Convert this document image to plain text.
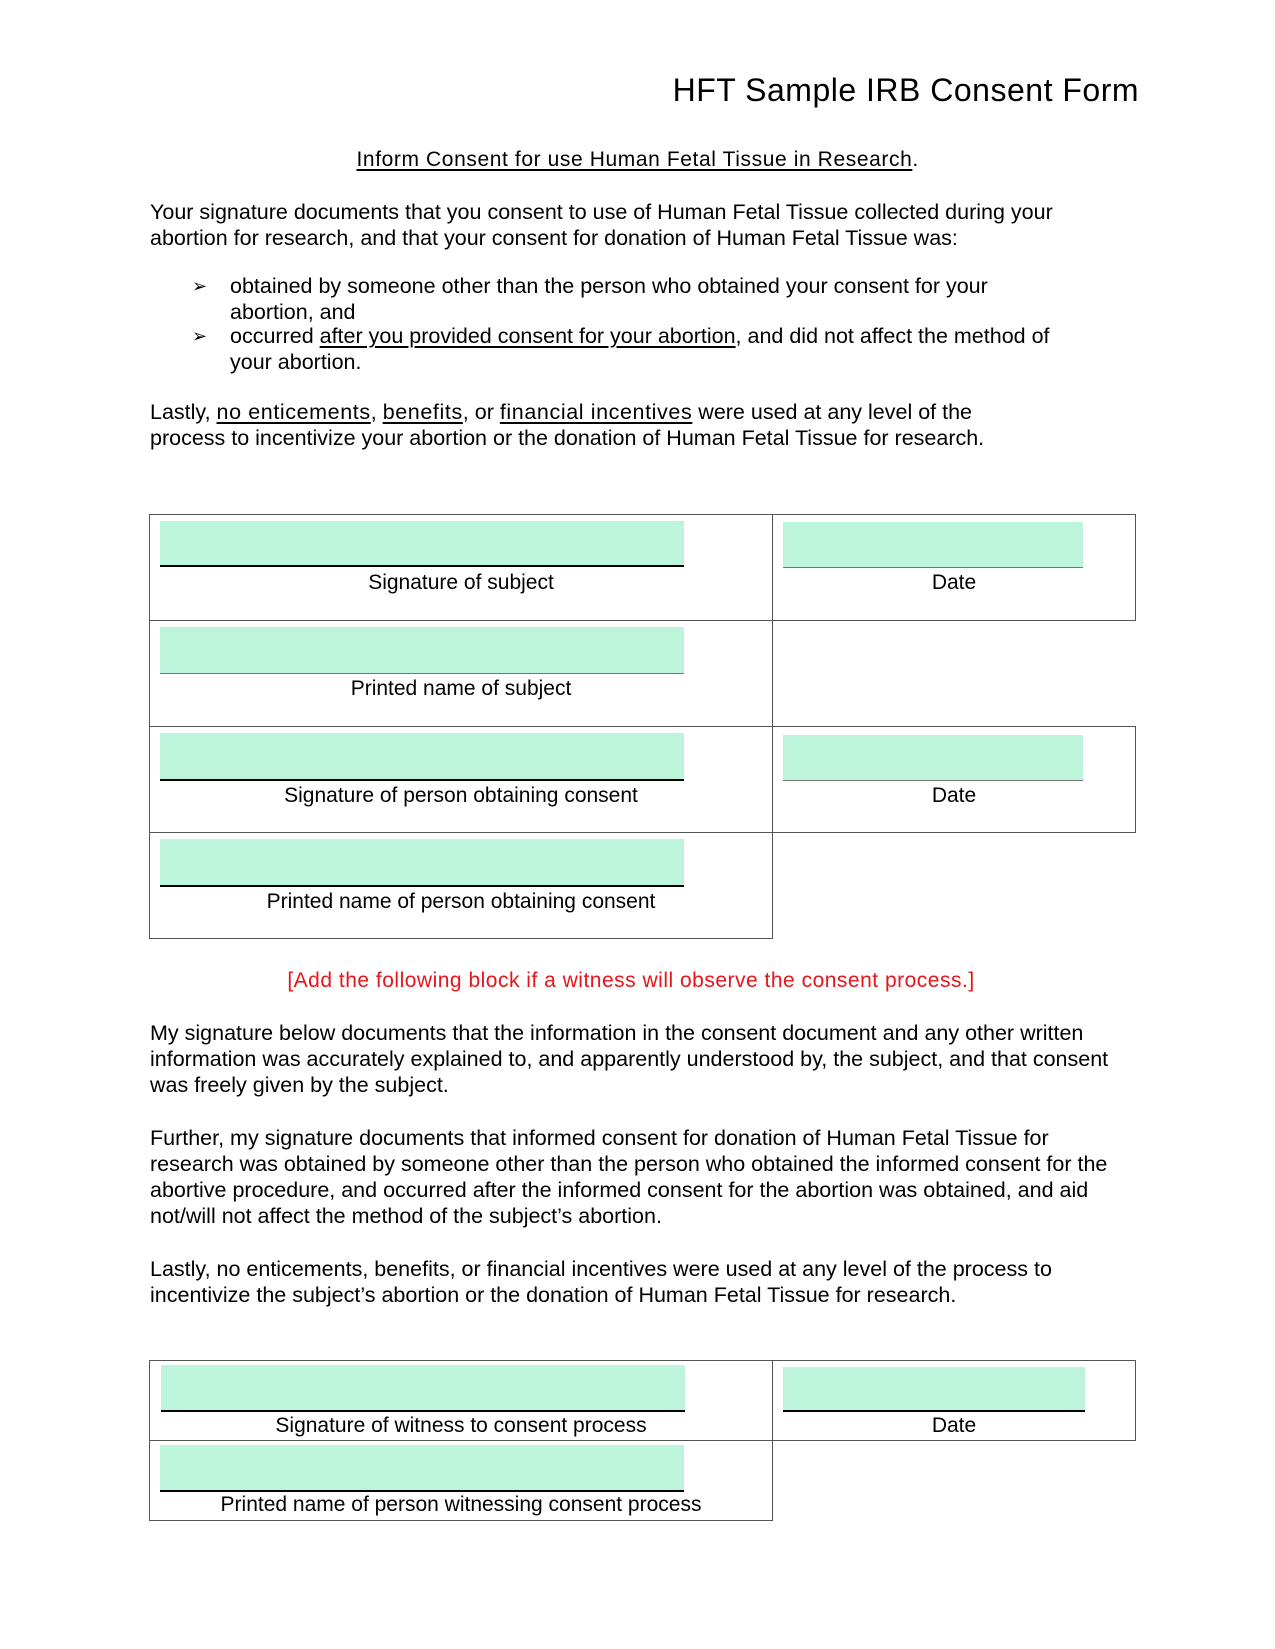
HFT Sample IRB Consent Form
Inform Consent for use Human Fetal Tissue in Research.

Your signature documents that you consent to use of Human Fetal Tissue collected during your abortion for research, and that your consent for donation of Human Fetal Tissue was:

➢	obtained by someone other than the person who obtained your consent for your
abortion, and
➢	occurred after you provided consent for your abortion, and did not affect the method of
your abortion.

Lastly, no enticements, benefits, or financial incentives were used at any level of the
process to incentivize your abortion or the donation of Human Fetal Tissue for research.

Signature of subject	Date
Printed name of subject
Signature of person obtaining consent	Date
Printed name of person obtaining consent
[Add the following block if a witness will observe the consent process.]

My signature below documents that the information in the consent document and any other written information was accurately explained to, and apparently understood by, the subject, and that consent was freely given by the subject.

Further, my signature documents that informed consent for donation of Human Fetal Tissue for research was obtained by someone other than the person who obtained the informed consent for the abortive procedure, and occurred after the informed consent for the abortion was obtained, and aid not/will not affect the method of the subject’s abortion.

Lastly, no enticements, benefits, or financial incentives were used at any level of the process to incentivize the subject’s abortion or the donation of Human Fetal Tissue for research.

Signature of witness to consent process	Date
Printed name of person witnessing consent process
